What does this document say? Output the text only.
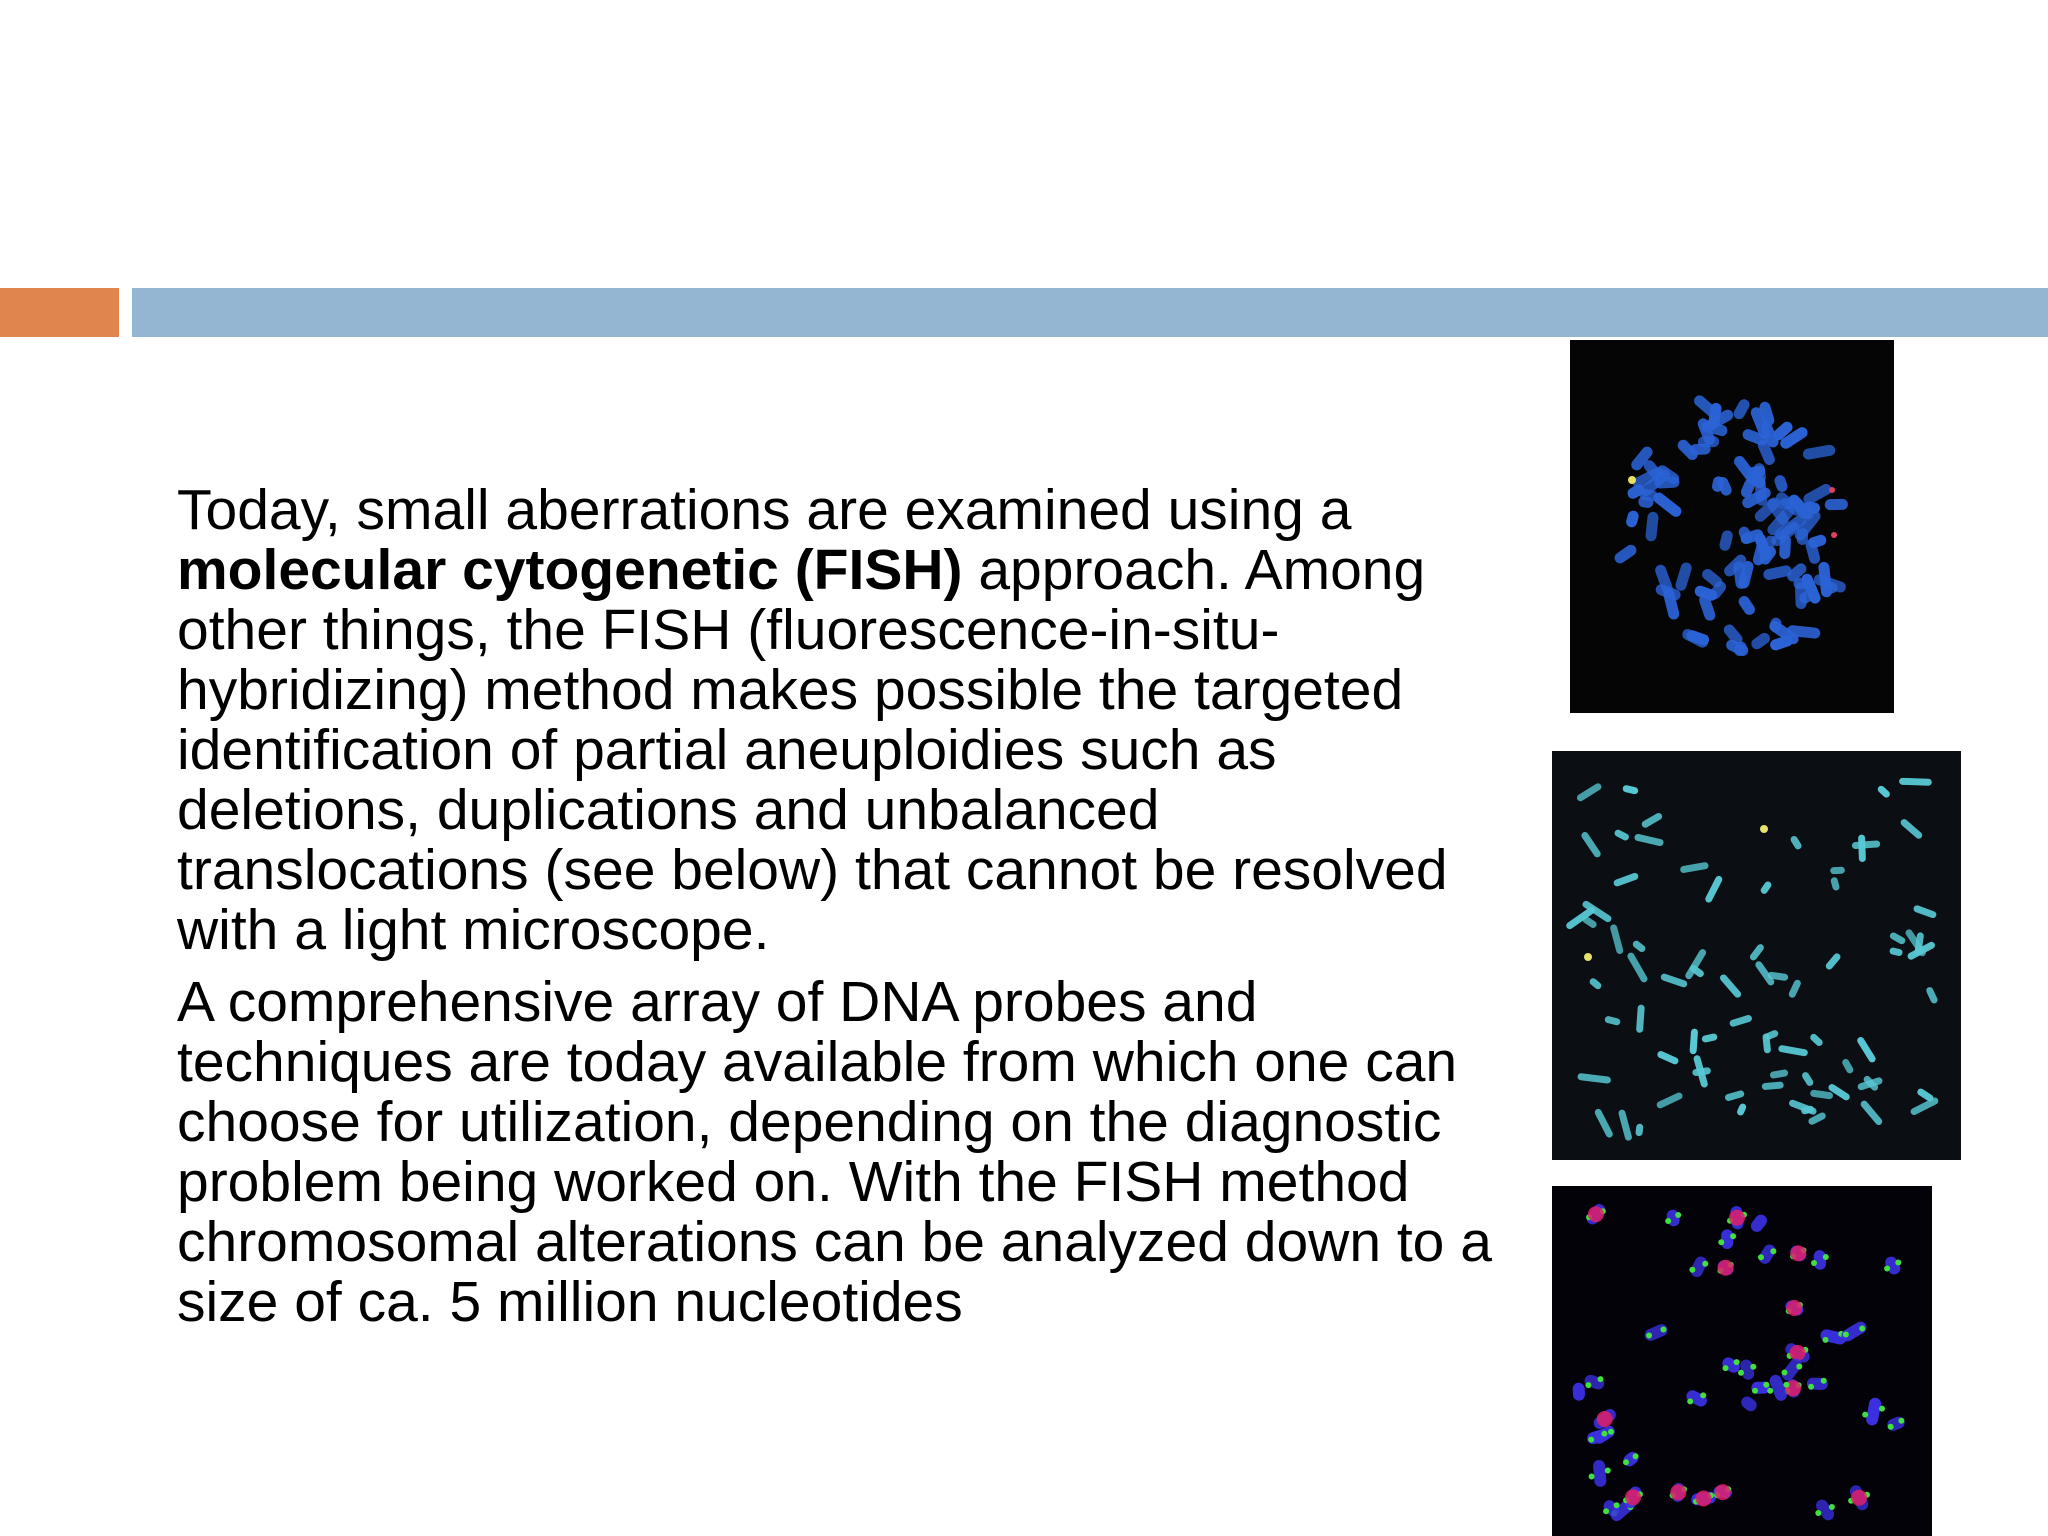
Today, small aberrations are examined using a molecular cytogenetic (FISH) approach. Among other things, the FISH (fluorescence-in-situ-hybridizing) method makes possible the targeted identification of partial aneuploidies such as deletions, duplications and unbalanced translocations (see below) that cannot be resolved with a light microscope.

A comprehensive array of DNA probes and techniques are today available from which one can choose for utilization, depending on the diagnostic problem being worked on. With the FISH method chromosomal alterations can be analyzed down to a size of ca. 5 million nucleotides
